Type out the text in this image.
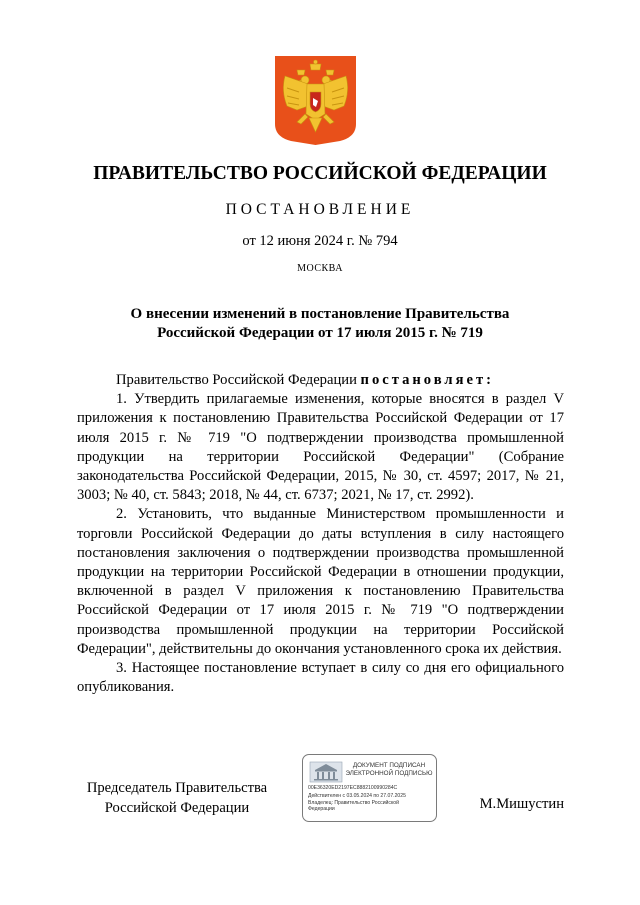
ПРАВИТЕЛЬСТВО РОССИЙСКОЙ ФЕДЕРАЦИИ
ПОСТАНОВЛЕНИЕ
от 12 июня 2024 г. № 794
МОСКВА
О внесении изменений в постановление Правительства
Российской Федерации от 17 июля 2015 г. № 719

Правительство Российской Федерации постановляет:

1. Утвердить прилагаемые изменения, которые вносятся в раздел V приложения к постановлению Правительства Российской Федерации от 17 июля 2015 г. № 719 "О подтверждении производства промышленной продукции на территории Российской Федерации" (Собрание законодательства Российской Федерации, 2015, № 30, ст. 4597; 2017, № 21, 3003; № 40, ст. 5843; 2018, № 44, ст. 6737; 2021, № 17, ст. 2992).

2. Установить, что выданные Министерством промышленности и торговли Российской Федерации до даты вступления в силу настоящего постановления заключения о подтверждении производства промышленной продукции на территории Российской Федерации в отношении продукции, включенной в раздел V приложения к постановлению Правительства Российской Федерации от 17 июля 2015 г. № 719 "О подтверждении производства промышленной продукции на территории Российской Федерации", действительны до окончания установленного срока их действия.

3. Настоящее постановление вступает в силу со дня его официального опубликования.

Председатель Правительства
Российской Федерации
ДОКУМЕНТ ПОДПИСАН
ЭЛЕКТРОННОЙ ПОДПИСЬЮ
00E36320ED2197EC8882100990284C
Действителен с 03.05.2024 по 27.07.2025
Владелец: Правительство Российской
Федерации	М.Мишустин
